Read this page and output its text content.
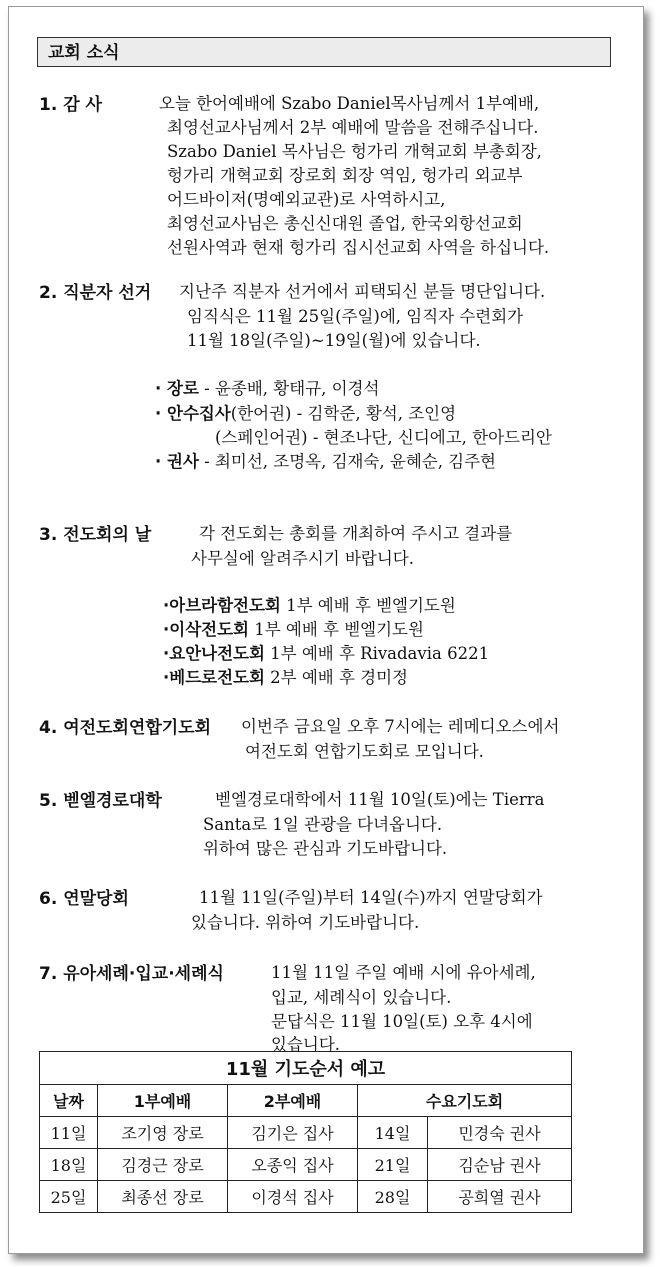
교회 소식
1. 감 사	오늘 한어예배에 Szabo Daniel목사님께서 1부예배,
최영선교사님께서 2부 예배에 말씀을 전해주십니다.
Szabo Daniel 목사님은 헝가리 개혁교회 부총회장,
헝가리 개혁교회 장로회 회장 역임, 헝가리 외교부
어드바이저(명예외교관)로 사역하시고,
최영선교사님은 총신신대원 졸업, 한국외항선교회
선원사역과 현재 헝가리 집시선교회 사역을 하십니다.
2. 직분자 선거 지난주 직분자 선거에서 피택되신 분들 명단입니다.
임직식은 11월 25일(주일)에, 임직자 수련회가
11월 18일(주일)~19일(월)에 있습니다.
· 장로 - 윤종배, 황태규, 이경석
· 안수집사(한어권) - 김학준, 황석, 조인영
(스페인어권) - 현조나단, 신디에고, 한아드리안
· 권사 - 최미선, 조명옥, 김재숙, 윤혜순, 김주현
3. 전도회의 날	각 전도회는 총회를 개최하여 주시고 결과를
사무실에 알려주시기 바랍니다.
·아브라함전도회 1부 예배 후 벧엘기도원
·이삭전도회 1부 예배 후 벧엘기도원
·요안나전도회 1부 예배 후 Rivadavia 6221
·베드로전도회 2부 예배 후 경미정
4. 여전도회연합기도회 이번주 금요일 오후 7시에는 레메디오스에서
여전도회 연합기도회로 모입니다.
5. 벧엘경로대학	벧엘경로대학에서 11월 10일(토)에는 Tierra
Santa로 1일 관광을 다녀옵니다.
위하여 많은 관심과 기도바랍니다.
6. 연말당회	11월 11일(주일)부터 14일(수)까지 연말당회가
있습니다. 위하여 기도바랍니다.
7. 유아세례·입교·세례식	11월 11일 주일 예배 시에 유아세례,
입교, 세례식이 있습니다.
문답식은 11월 10일(토) 오후 4시에
있습니다.
11월 기도순서 예고				
날짜	1부예배	2부예배	수요기도회	
11일	조기영 장로	김기은 집사	14일	민경숙 권사
18일	김경근 장로	오종익 집사	21일	김순남 권사
25일	최종선 장로	이경석 집사	28일	공희열 권사
